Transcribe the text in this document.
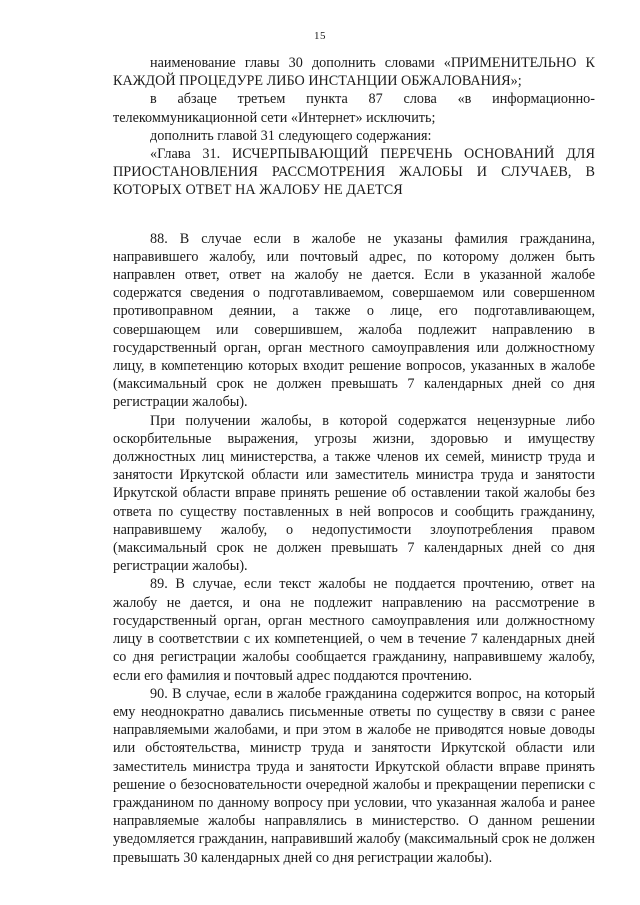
15

наименование главы 30 дополнить словами «ПРИМЕНИТЕЛЬНО К КАЖДОЙ ПРОЦЕДУРЕ ЛИБО ИНСТАНЦИИ ОБЖАЛОВАНИЯ»;

в абзаце третьем пункта 87 слова «в информационно-телекоммуникационной сети «Интернет» исключить;

дополнить главой 31 следующего содержания:

«Глава 31. ИСЧЕРПЫВАЮЩИЙ ПЕРЕЧЕНЬ ОСНОВАНИЙ ДЛЯ ПРИОСТАНОВЛЕНИЯ РАССМОТРЕНИЯ ЖАЛОБЫ И СЛУЧАЕВ, В КОТОРЫХ ОТВЕТ НА ЖАЛОБУ НЕ ДАЕТСЯ

88. В случае если в жалобе не указаны фамилия гражданина, направившего жалобу, или почтовый адрес, по которому должен быть направлен ответ, ответ на жалобу не дается. Если в указанной жалобе содержатся сведения о подготавливаемом, совершаемом или совершенном противоправном деянии, а также о лице, его подготавливающем, совершающем или совершившем, жалоба подлежит направлению в государственный орган, орган местного самоуправления или должностному лицу, в компетенцию которых входит решение вопросов, указанных в жалобе (максимальный срок не должен превышать 7 календарных дней со дня регистрации жалобы).

При получении жалобы, в которой содержатся нецензурные либо оскорбительные выражения, угрозы жизни, здоровью и имуществу должностных лиц министерства, а также членов их семей, министр труда и занятости Иркутской области или заместитель министра труда и занятости Иркутской области вправе принять решение об оставлении такой жалобы без ответа по существу поставленных в ней вопросов и сообщить гражданину, направившему жалобу, о недопустимости злоупотребления правом (максимальный срок не должен превышать 7 календарных дней со дня регистрации жалобы).

89. В случае, если текст жалобы не поддается прочтению, ответ на жалобу не дается, и она не подлежит направлению на рассмотрение в государственный орган, орган местного самоуправления или должностному лицу в соответствии с их компетенцией, о чем в течение 7 календарных дней со дня регистрации жалобы сообщается гражданину, направившему жалобу, если его фамилия и почтовый адрес поддаются прочтению.

90. В случае, если в жалобе гражданина содержится вопрос, на который ему неоднократно давались письменные ответы по существу в связи с ранее направляемыми жалобами, и при этом в жалобе не приводятся новые доводы или обстоятельства, министр труда и занятости Иркутской области или заместитель министра труда и занятости Иркутской области вправе принять решение о безосновательности очередной жалобы и прекращении переписки с гражданином по данному вопросу при условии, что указанная жалоба и ранее направляемые жалобы направлялись в министерство. О данном решении уведомляется гражданин, направивший жалобу (максимальный срок не должен превышать 30 календарных дней со дня регистрации жалобы).
